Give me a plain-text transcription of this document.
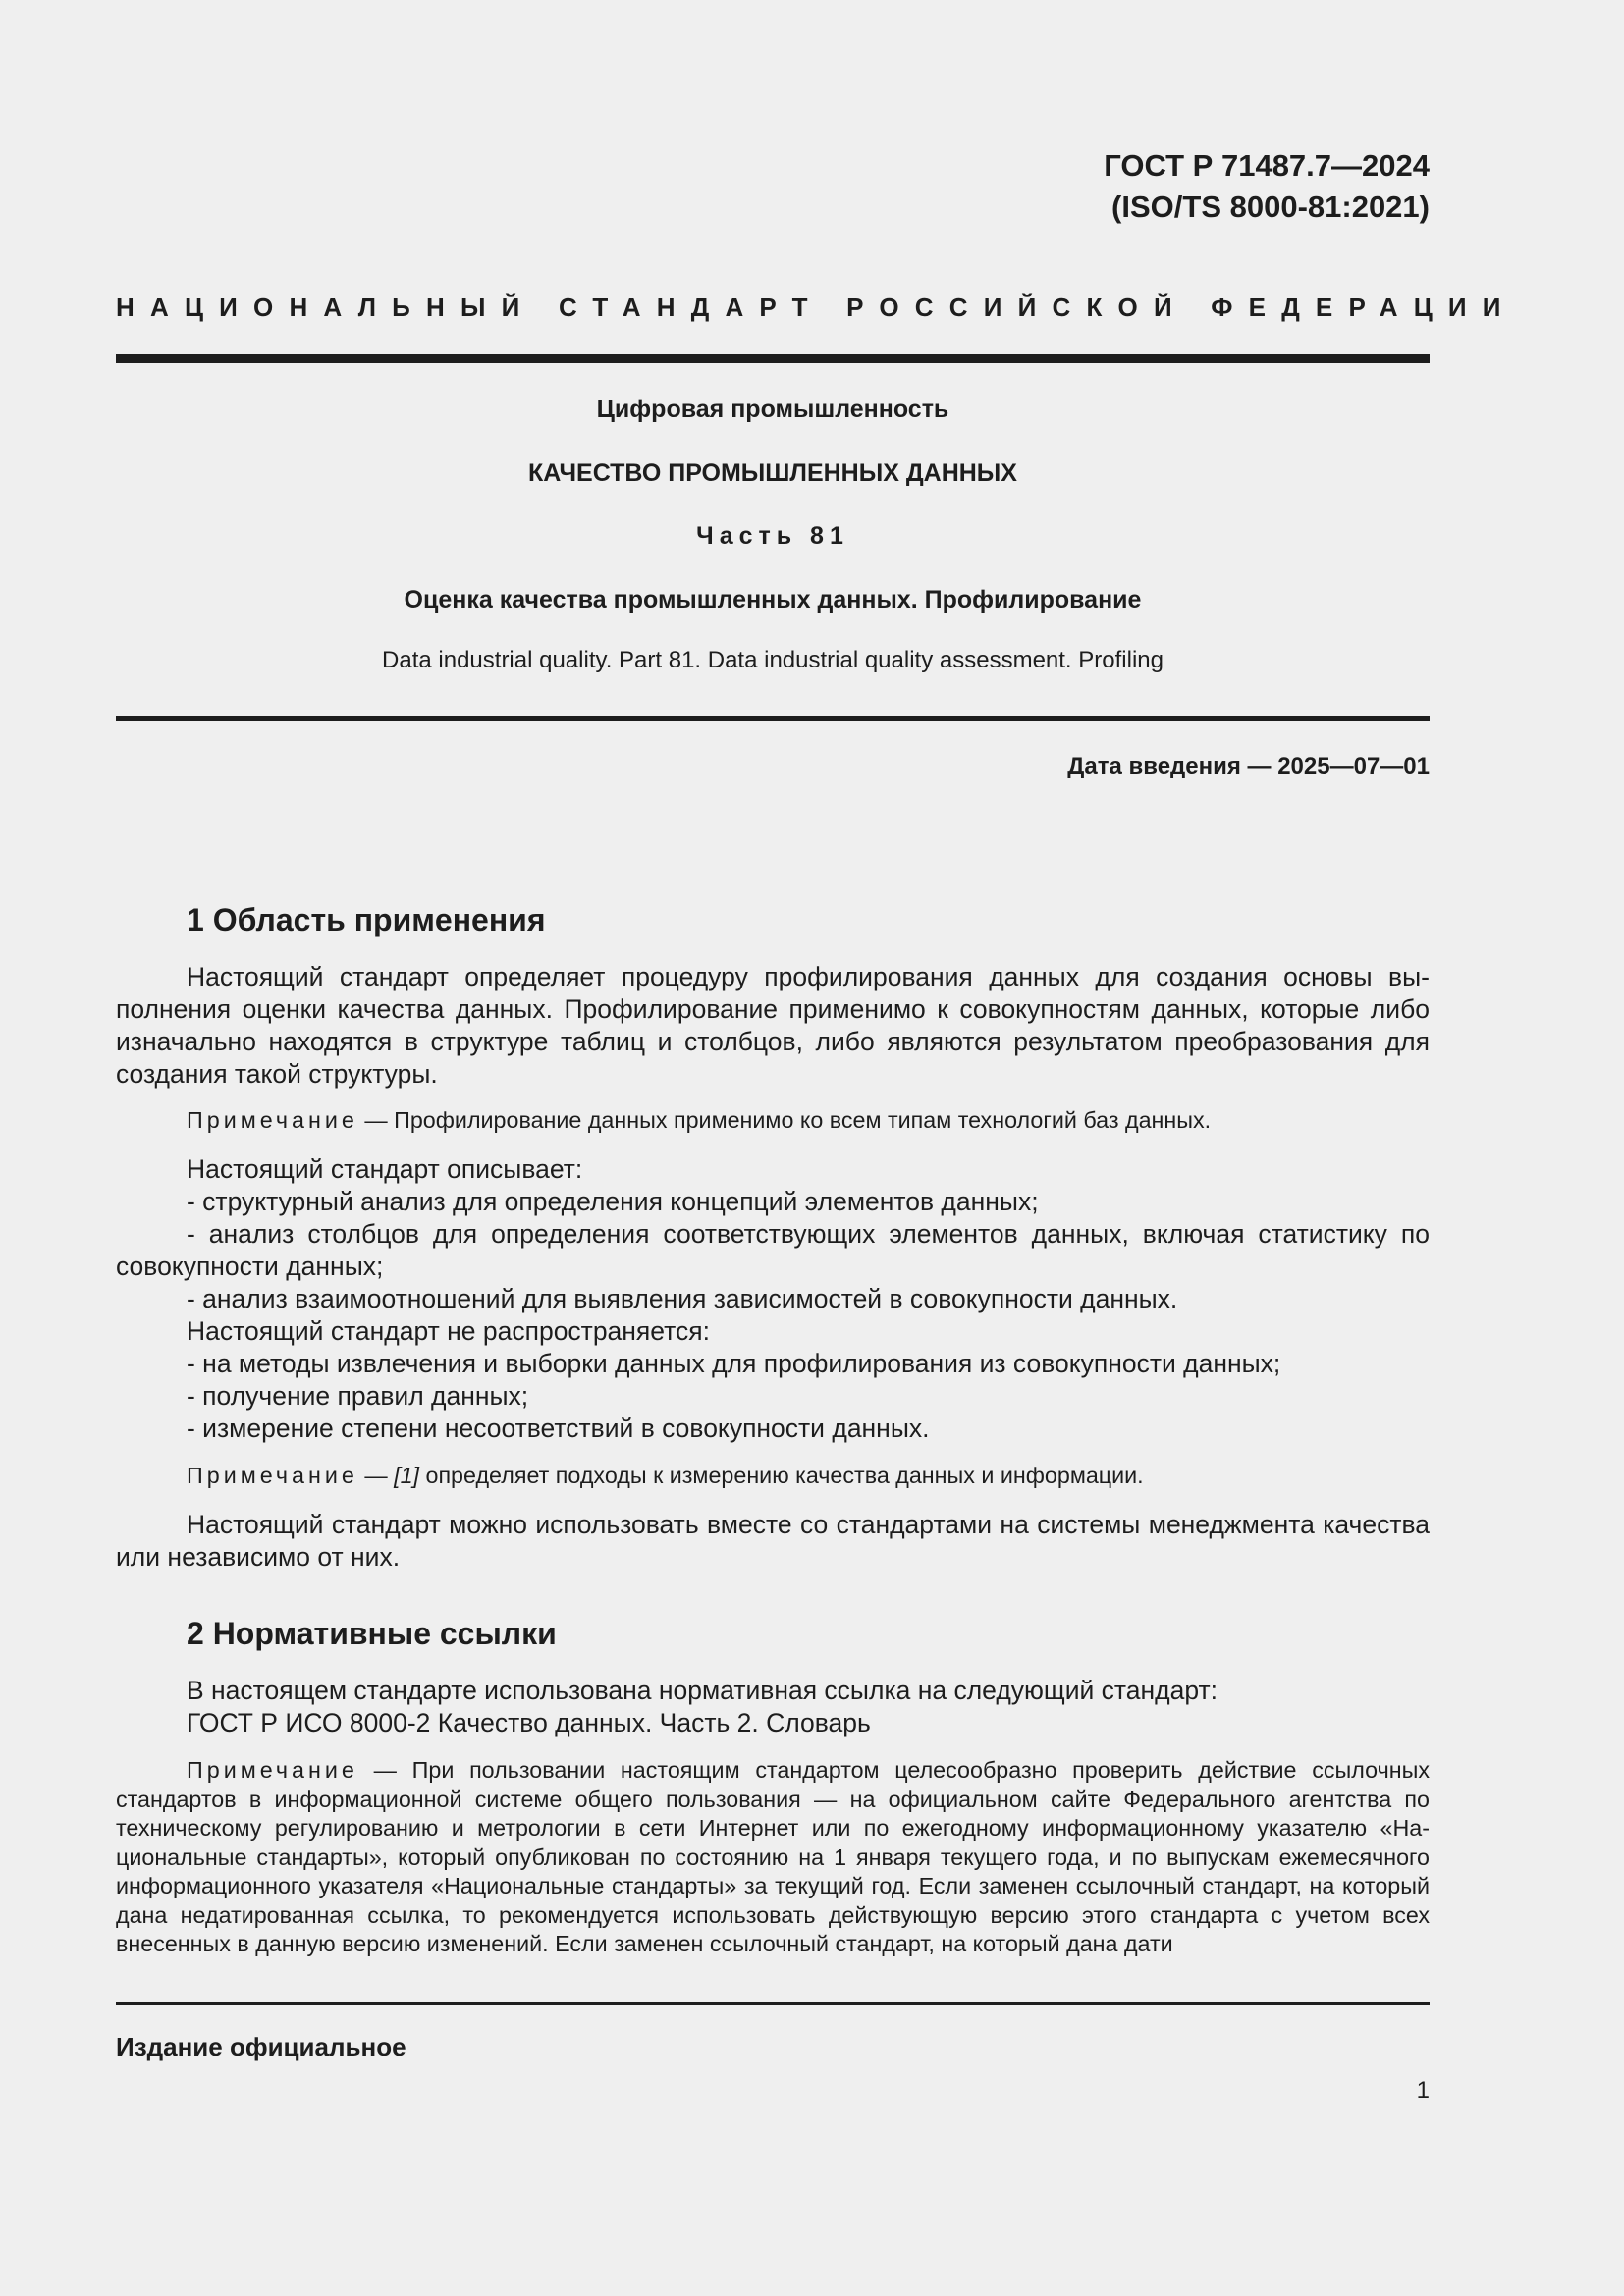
ГОСТ Р 71487.7—2024
(ISO/TS 8000-81:2021)
НАЦИОНАЛЬНЫЙ СТАНДАРТ РОССИЙСКОЙ ФЕДЕРАЦИИ
Цифровая промышленность
КАЧЕСТВО ПРОМЫШЛЕННЫХ ДАННЫХ
Часть 81
Оценка качества промышленных данных. Профилирование
Data industrial quality. Part 81. Data industrial quality assessment. Profiling
Дата введения — 2025—07—01
1 Область применения

Настоящий стандарт определяет процедуру профилирования данных для создания основы выполнения оценки качества данных. Профилирование применимо к совокупностям данных, которые либо изначально находятся в структуре таблиц и столбцов, либо являются результатом преобразования для создания такой структуры.

Примечание — Профилирование данных применимо ко всем типам технологий баз данных.

Настоящий стандарт описывает:

- структурный анализ для определения концепций элементов данных;

- анализ столбцов для определения соответствующих элементов данных, включая статистику по совокупности данных;

- анализ взаимоотношений для выявления зависимостей в совокупности данных.

Настоящий стандарт не распространяется:

- на методы извлечения и выборки данных для профилирования из совокупности данных;

- получение правил данных;

- измерение степени несоответствий в совокупности данных.

Примечание — [1] определяет подходы к измерению качества данных и информации.

Настоящий стандарт можно использовать вместе со стандартами на системы менеджмента качества или независимо от них.

2 Нормативные ссылки

В настоящем стандарте использована нормативная ссылка на следующий стандарт:

ГОСТ Р ИСО 8000-2 Качество данных. Часть 2. Словарь

Примечание — При пользовании настоящим стандартом целесообразно проверить действие ссылочных стандартов в информационной системе общего пользования — на официальном сайте Федерального агентства по техническому регулированию и метрологии в сети Интернет или по ежегодному информационному указателю «Национальные стандарты», который опубликован по состоянию на 1 января текущего года, и по выпускам ежемесячного информационного указателя «Национальные стандарты» за текущий год. Если заменен ссылочный стандарт, на который дана недатированная ссылка, то рекомендуется использовать действующую версию этого стандарта с учетом всех внесенных в данную версию изменений. Если заменен ссылочный стандарт, на который дана дати

Издание официальное
1
